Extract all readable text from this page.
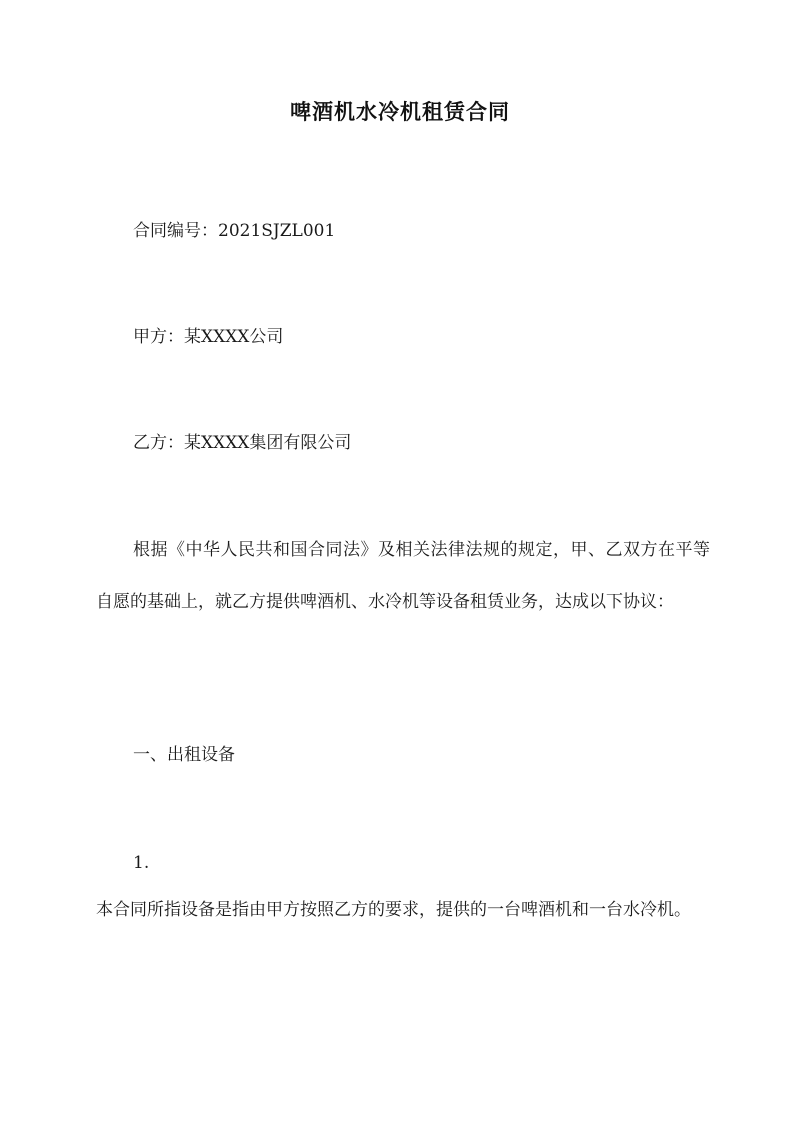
啤酒机水冷机租赁合同
合同编号：2021SJZL001
甲方：某XXXX公司
乙方：某XXXX集团有限公司
根据《中华人民共和国合同法》及相关法律法规的规定，甲、乙双方在平等自愿的基础上，就乙方提供啤酒机、水冷机等设备租赁业务，达成以下协议：
一、出租设备
1.
本合同所指设备是指由甲方按照乙方的要求，提供的一台啤酒机和一台水冷机。
